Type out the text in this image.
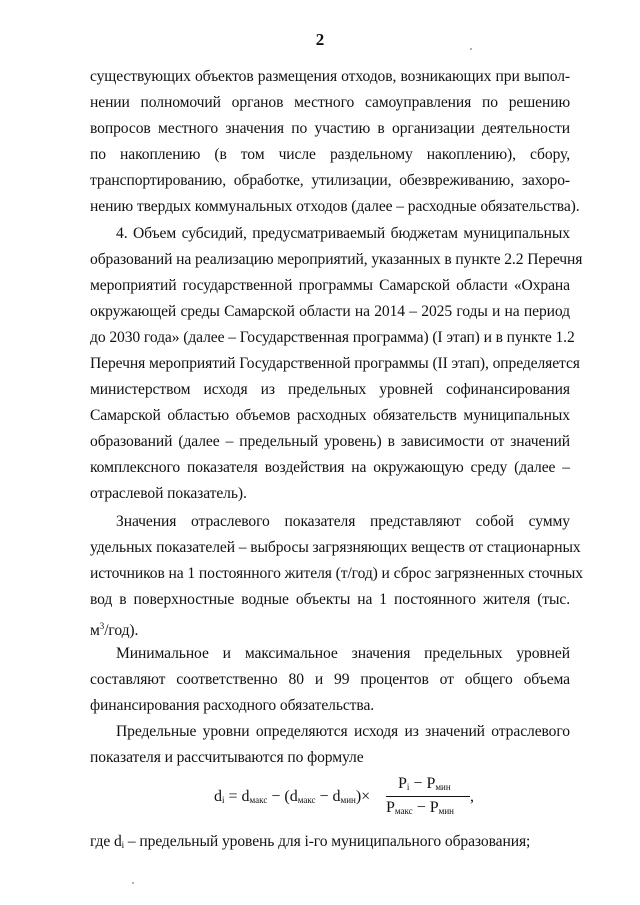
2
существующих объектов размещения отходов, возникающих при выпол-
нении полномочий органов местного самоуправления по решению
вопросов местного значения по участию в организации деятельности
по накоплению (в том числе раздельному накоплению), сбору,
транспортированию, обработке, утилизации, обезвреживанию, захоро-
нению твердых коммунальных отходов (далее – расходные обязательства).
4. Объем субсидий, предусматриваемый бюджетам муниципальных
образований на реализацию мероприятий, указанных в пункте 2.2 Перечня
мероприятий государственной программы Самарской области «Охрана
окружающей среды Самарской области на 2014 – 2025 годы и на период
до 2030 года» (далее – Государственная программа) (I этап) и в пункте 1.2
Перечня мероприятий Государственной программы (II этап), определяется
министерством исходя из предельных уровней софинансирования
Самарской областью объемов расходных обязательств муниципальных
образований (далее – предельный уровень) в зависимости от значений
комплексного показателя воздействия на окружающую среду (далее –
отраслевой показатель).
Значения отраслевого показателя представляют собой сумму
удельных показателей – выбросы загрязняющих веществ от стационарных
источников на 1 постоянного жителя (т/год) и сброс загрязненных сточных
вод в поверхностные водные объекты на 1 постоянного жителя (тыс.
$м^3/год$).
Минимальное и максимальное значения предельных уровней
составляют соответственно 80 и 99 процентов от общего объема
финансирования расходного обязательства.
Предельные уровни определяются исходя из значений отраслевого
показателя и рассчитываются по формуле
$d_i = d_{макс} - (d_{макс} - d_{мин})\times$
$P_i - P_{мин}$
$P_{макс} - P_{мин}$
,
где $d_i$ – предельный уровень для i-го муниципального образования;
